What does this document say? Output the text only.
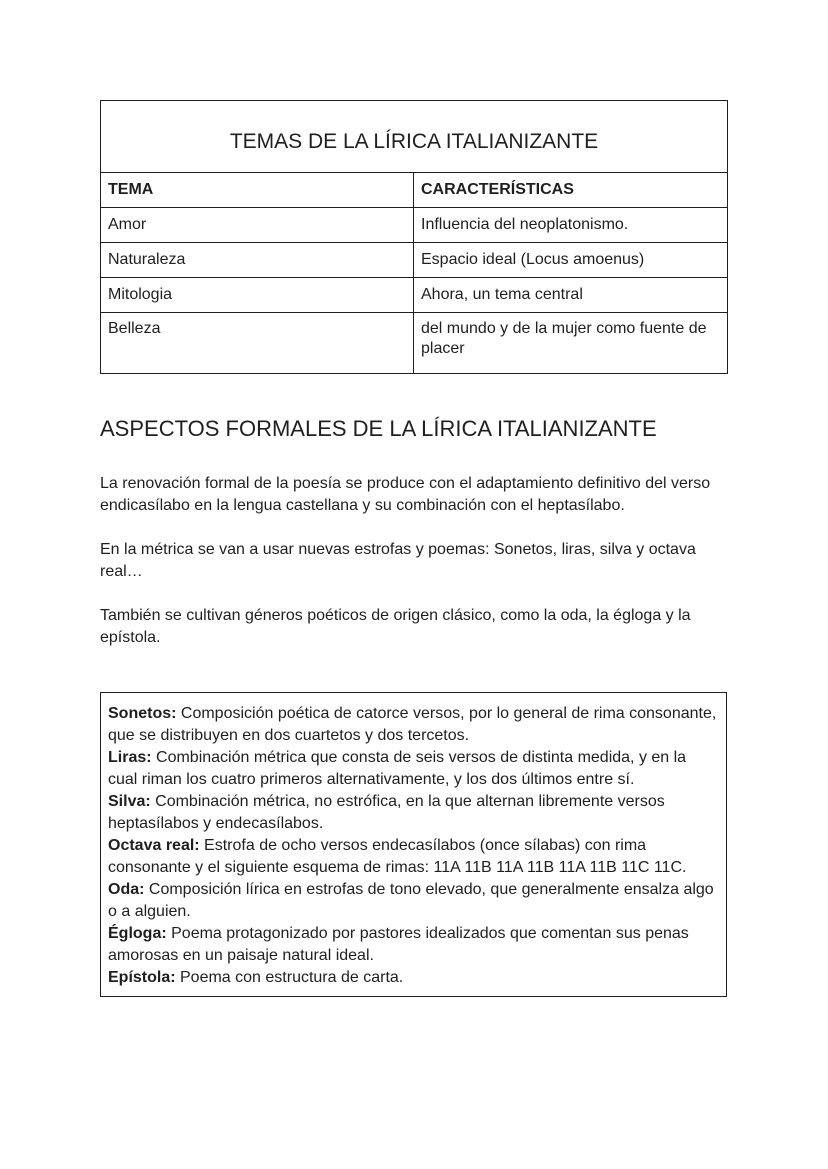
TEMAS DE LA LÍRICA ITALIANIZANTE	
TEMA	CARACTERÍSTICAS
Amor	Influencia del neoplatonismo.
Naturaleza	Espacio ideal (Locus amoenus)
Mitologia	Ahora, un tema central
Belleza	del mundo y de la mujer como fuente de placer
ASPECTOS FORMALES DE LA LÍRICA ITALIANIZANTE

La renovación formal de la poesía se produce con el adaptamiento definitivo del verso endicasílabo en la lengua castellana y su combinación con el heptasílabo.

En la métrica se van a usar nuevas estrofas y poemas: Sonetos, liras, silva y octava real…

También se cultivan géneros poéticos de origen clásico, como la oda, la égloga y la epístola.

Sonetos: Composición poética de catorce versos, por lo general de rima consonante, que se distribuyen en dos cuartetos y dos tercetos.

Liras: Combinación métrica que consta de seis versos de distinta medida, y en la cual riman los cuatro primeros alternativamente, y los dos últimos entre sí.

Silva: Combinación métrica, no estrófica, en la que alternan libremente versos heptasílabos y endecasílabos.

Octava real: Estrofa de ocho versos endecasílabos (once sílabas) con rima consonante y el siguiente esquema de rimas: 11A 11B 11A 11B 11A 11B 11C 11C.

Oda: Composición lírica en estrofas de tono elevado, que generalmente ensalza algo o a alguien.

Égloga: Poema protagonizado por pastores idealizados que comentan sus penas amorosas en un paisaje natural ideal.

Epístola: Poema con estructura de carta.
